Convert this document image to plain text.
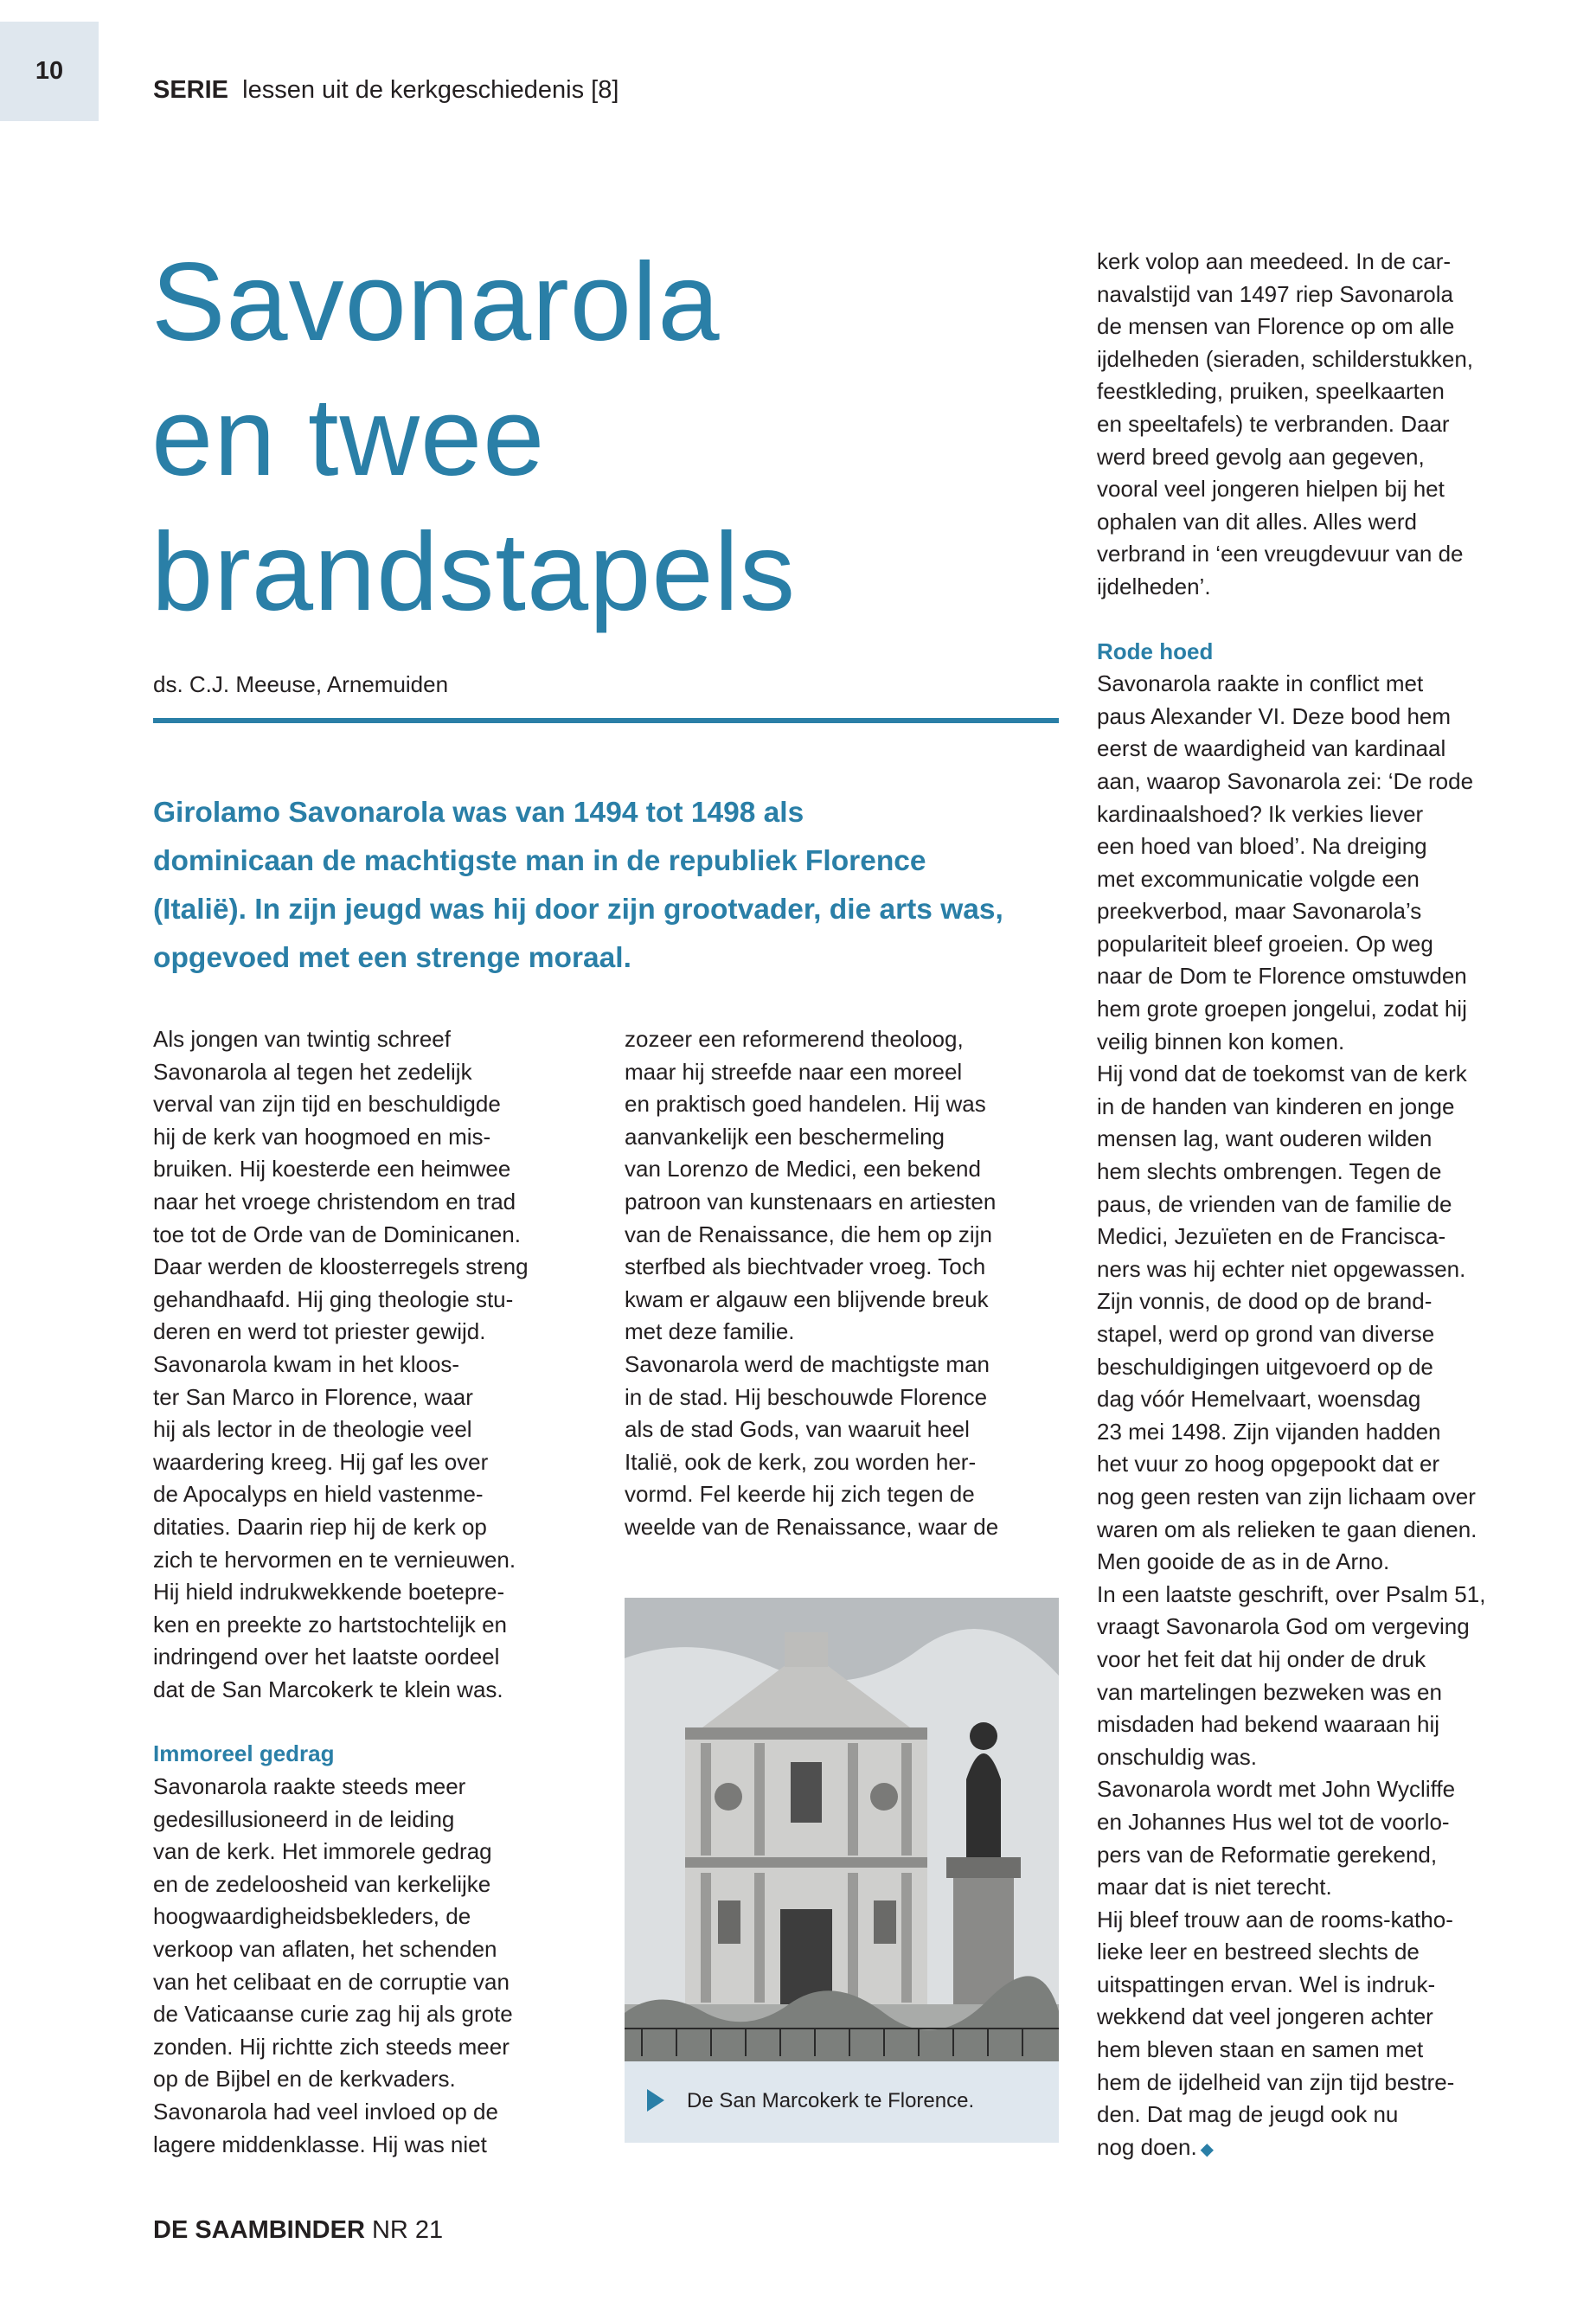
10
SERIE lessen uit de kerkgeschiedenis [8]
Savonarola
en twee
brandstapels
ds. C.J. Meeuse, Arnemuiden

Girolamo Savonarola was van 1494 tot 1498 als
dominicaan de machtigste man in de republiek Florence
(Italië). In zijn jeugd was hij door zijn grootvader, die arts was,
opgevoed met een strenge moraal.

Als jongen van twintig schreef
Savonarola al tegen het zedelijk
verval van zijn tijd en beschuldigde
hij de kerk van hoogmoed en mis-
bruiken. Hij koesterde een heimwee
naar het vroege christendom en trad
toe tot de Orde van de Dominicanen.
Daar werden de kloosterregels streng
gehandhaafd. Hij ging theologie stu-
deren en werd tot priester gewijd.
Savonarola kwam in het kloos-
ter San Marco in Florence, waar
hij als lector in de theologie veel
waardering kreeg. Hij gaf les over
de Apocalyps en hield vastenme-
ditaties. Daarin riep hij de kerk op
zich te hervormen en te vernieuwen.
Hij hield indrukwekkende boetepre-
ken en preekte zo hartstochtelijk en
indringend over het laatste oordeel
dat de San Marcokerk te klein was.
Immoreel gedrag
Savonarola raakte steeds meer
gedesillusioneerd in de leiding
van de kerk. Het immorele gedrag
en de zedeloosheid van kerkelijke
hoogwaardigheidsbekleders, de
verkoop van aflaten, het schenden
van het celibaat en de corruptie van
de Vaticaanse curie zag hij als grote
zonden. Hij richtte zich steeds meer
op de Bijbel en de kerkvaders.
Savonarola had veel invloed op de
lagere middenklasse. Hij was niet
zozeer een reformerend theoloog,
maar hij streefde naar een moreel
en praktisch goed handelen. Hij was
aanvankelijk een beschermeling
van Lorenzo de Medici, een bekend
patroon van kunstenaars en artiesten
van de Renaissance, die hem op zijn
sterfbed als biechtvader vroeg. Toch
kwam er algauw een blijvende breuk
met deze familie.
Savonarola werd de machtigste man
in de stad. Hij beschouwde Florence
als de stad Gods, van waaruit heel
Italië, ook de kerk, zou worden her-
vormd. Fel keerde hij zich tegen de
weelde van de Renaissance, waar de
De San Marcokerk te Florence.
kerk volop aan meedeed. In de car-
navalstijd van 1497 riep Savonarola
de mensen van Florence op om alle
ijdelheden (sieraden, schilderstukken,
feestkleding, pruiken, speelkaarten
en speeltafels) te verbranden. Daar
werd breed gevolg aan gegeven,
vooral veel jongeren hielpen bij het
ophalen van dit alles. Alles werd
verbrand in ‘een vreugdevuur van de
ijdelheden’.
Rode hoed
Savonarola raakte in conflict met
paus Alexander VI. Deze bood hem
eerst de waardigheid van kardinaal
aan, waarop Savonarola zei: ‘De rode
kardinaalshoed? Ik verkies liever
een hoed van bloed’. Na dreiging
met excommunicatie volgde een
preekverbod, maar Savonarola’s
populariteit bleef groeien. Op weg
naar de Dom te Florence omstuwden
hem grote groepen jongelui, zodat hij
veilig binnen kon komen.
Hij vond dat de toekomst van de kerk
in de handen van kinderen en jonge
mensen lag, want ouderen wilden
hem slechts ombrengen. Tegen de
paus, de vrienden van de familie de
Medici, Jezuïeten en de Francisca-
ners was hij echter niet opgewassen.
Zijn vonnis, de dood op de brand-
stapel, werd op grond van diverse
beschuldigingen uitgevoerd op de
dag vóór Hemelvaart, woensdag
23 mei 1498. Zijn vijanden hadden
het vuur zo hoog opgepookt dat er
nog geen resten van zijn lichaam over
waren om als relieken te gaan dienen.
Men gooide de as in de Arno.
In een laatste geschrift, over Psalm 51,
vraagt Savonarola God om vergeving
voor het feit dat hij onder de druk
van martelingen bezweken was en
misdaden had bekend waaraan hij
onschuldig was.
Savonarola wordt met John Wycliffe
en Johannes Hus wel tot de voorlo-
pers van de Reformatie gerekend,
maar dat is niet terecht.
Hij bleef trouw aan de rooms-katho-
lieke leer en bestreed slechts de
uitspattingen ervan. Wel is indruk-
wekkend dat veel jongeren achter
hem bleven staan en samen met
hem de ijdelheid van zijn tijd bestre-
den. Dat mag de jeugd ook nu
nog doen. ◆
DE SAAMBINDER NR 21
